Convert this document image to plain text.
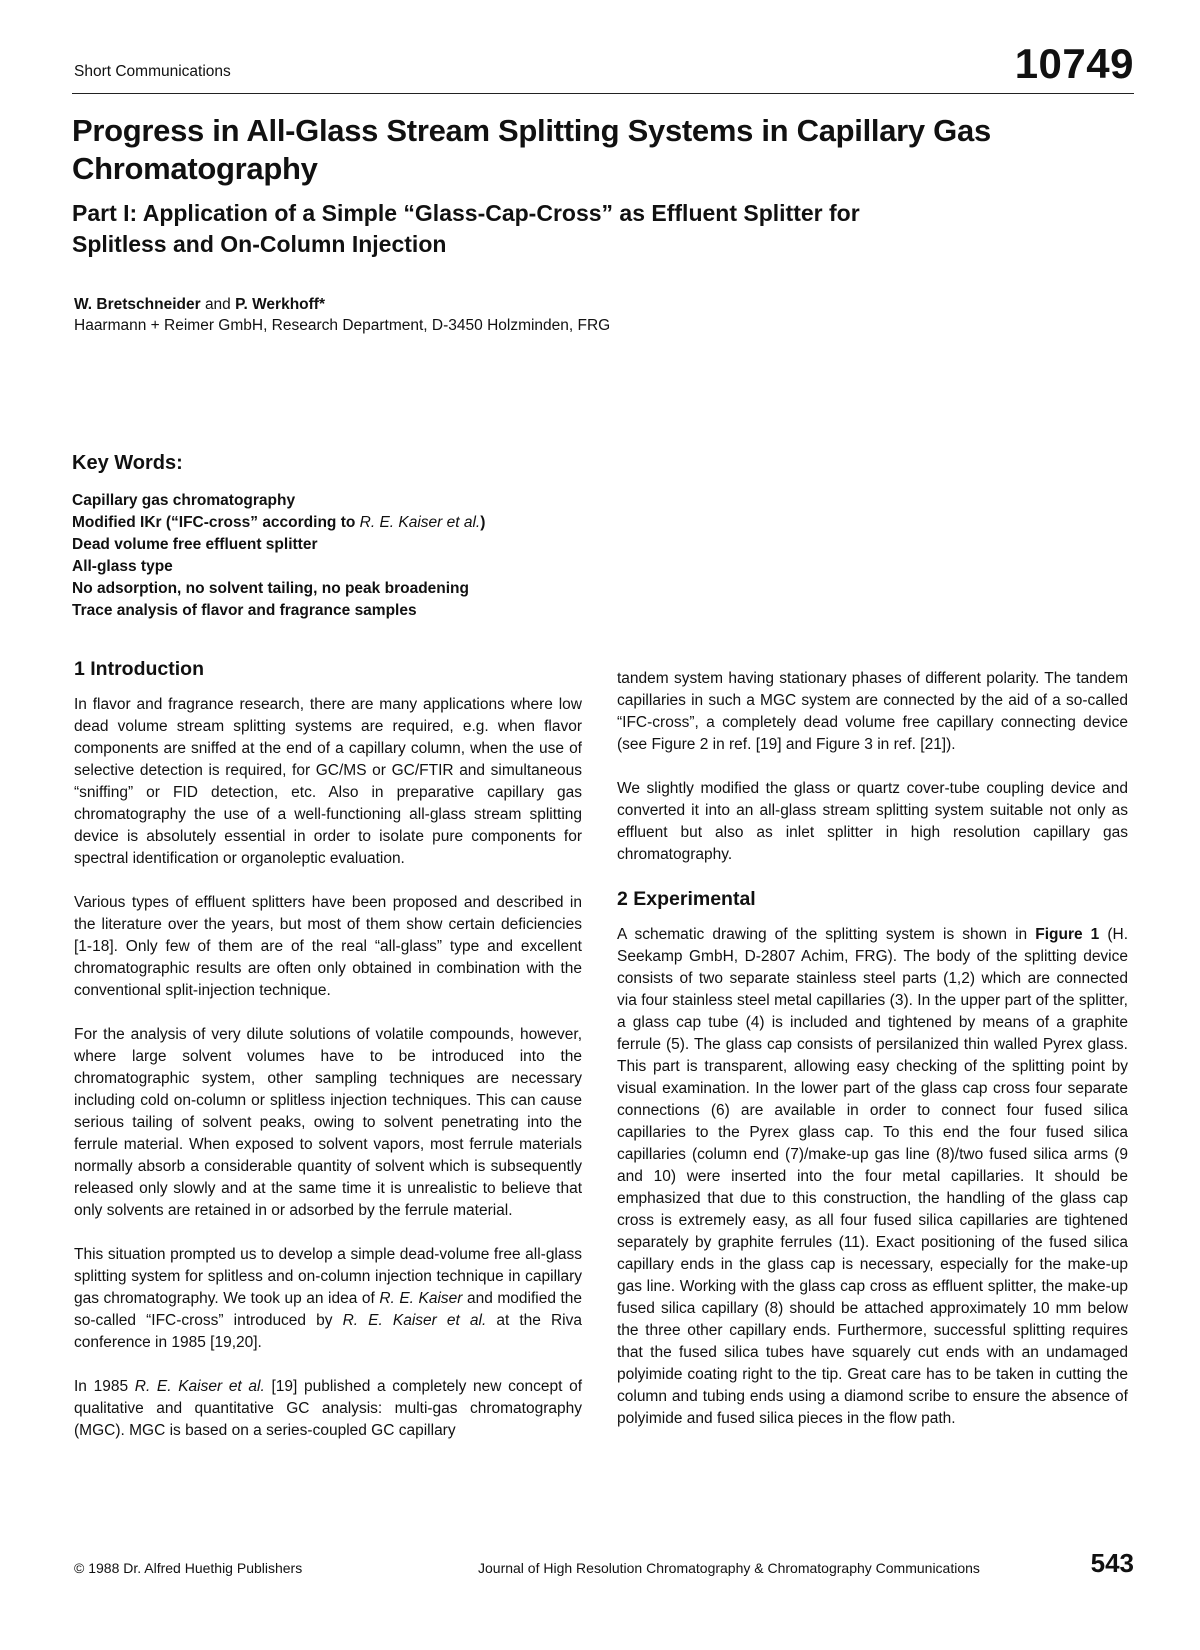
Short Communications	10749
Progress in All-Glass Stream Splitting Systems in Capillary Gas Chromatography
Part I: Application of a Simple “Glass-Cap-Cross” as Effluent Splitter for Splitless and On-Column Injection
W. Bretschneider and P. Werkhoff*
Haarmann + Reimer GmbH, Research Department, D-3450 Holzminden, FRG
Key Words:
Capillary gas chromatography
Modified IKr (“IFC-cross” according to R. E. Kaiser et al.)
Dead volume free effluent splitter
All-glass type
No adsorption, no solvent tailing, no peak broadening
Trace analysis of flavor and fragrance samples
1 Introduction

In flavor and fragrance research, there are many applications where low dead volume stream splitting systems are required, e.g. when flavor components are sniffed at the end of a capillary column, when the use of selective detection is required, for GC/MS or GC/FTIR and simultaneous “sniffing” or FID detection, etc. Also in preparative capillary gas chromatography the use of a well-functioning all-glass stream splitting device is absolutely essential in order to isolate pure components for spectral identification or organoleptic evaluation.

Various types of effluent splitters have been proposed and described in the literature over the years, but most of them show certain deficiencies [1-18]. Only few of them are of the real “all-glass” type and excellent chromatographic results are often only obtained in combination with the conventional split-injection technique.

For the analysis of very dilute solutions of volatile compounds, however, where large solvent volumes have to be introduced into the chromatographic system, other sampling techniques are necessary including cold on-column or splitless injection techniques. This can cause serious tailing of solvent peaks, owing to solvent penetrating into the ferrule material. When exposed to solvent vapors, most ferrule materials normally absorb a considerable quantity of solvent which is subsequently released only slowly and at the same time it is unrealistic to believe that only solvents are retained in or adsorbed by the ferrule material.

This situation prompted us to develop a simple dead-volume free all-glass splitting system for splitless and on-column injection technique in capillary gas chromatography. We took up an idea of R. E. Kaiser and modified the so-called “IFC-cross” introduced by R. E. Kaiser et al. at the Riva conference in 1985 [19,20].

In 1985 R. E. Kaiser et al. [19] published a completely new concept of qualitative and quantitative GC analysis: multi-gas chromatography (MGC). MGC is based on a series-coupled GC capillary

tandem system having stationary phases of different polarity. The tandem capillaries in such a MGC system are connected by the aid of a so-called “IFC-cross”, a completely dead volume free capillary connecting device (see Figure 2 in ref. [19] and Figure 3 in ref. [21]).

We slightly modified the glass or quartz cover-tube coupling device and converted it into an all-glass stream splitting system suitable not only as effluent but also as inlet splitter in high resolution capillary gas chromatography.

2 Experimental

A schematic drawing of the splitting system is shown in Figure 1 (H. Seekamp GmbH, D-2807 Achim, FRG). The body of the splitting device consists of two separate stainless steel parts (1,2) which are connected via four stainless steel metal capillaries (3). In the upper part of the splitter, a glass cap tube (4) is included and tightened by means of a graphite ferrule (5). The glass cap consists of persilanized thin walled Pyrex glass. This part is transparent, allowing easy checking of the splitting point by visual examination. In the lower part of the glass cap cross four separate connections (6) are available in order to connect four fused silica capillaries to the Pyrex glass cap. To this end the four fused silica capillaries (column end (7)/make-up gas line (8)/two fused silica arms (9 and 10) were inserted into the four metal capillaries. It should be emphasized that due to this construction, the handling of the glass cap cross is extremely easy, as all four fused silica capillaries are tightened separately by graphite ferrules (11). Exact positioning of the fused silica capillary ends in the glass cap is necessary, especially for the make-up gas line. Working with the glass cap cross as effluent splitter, the make-up fused silica capillary (8) should be attached approximately 10 mm below the three other capillary ends. Furthermore, successful splitting requires that the fused silica tubes have squarely cut ends with an undamaged polyimide coating right to the tip. Great care has to be taken in cutting the column and tubing ends using a diamond scribe to ensure the absence of polyimide and fused silica pieces in the flow path.

© 1988 Dr. Alfred Huethig Publishers	Journal of High Resolution Chromatography & Chromatography Communications	543
